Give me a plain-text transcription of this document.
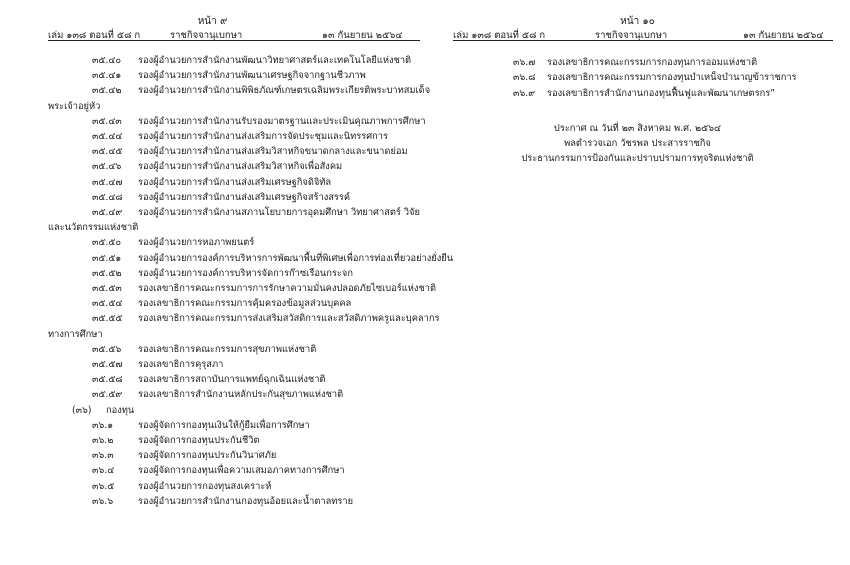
หน้า ๙
เล่ม ๑๓๘ ตอนที่ ๕๘ ก	ราชกิจจานุเบกษา	๑๓ กันยายน ๒๕๖๔
๓๕.๔๐ รองผู้อำนวยการสำนักงานพัฒนาวิทยาศาสตร์และเทคโนโลยีแห่งชาติ
๓๕.๔๑ รองผู้อำนวยการสำนักงานพัฒนาเศรษฐกิจจากฐานชีวภาพ
๓๕.๔๒ รองผู้อำนวยการสำนักงานพิพิธภัณฑ์เกษตรเฉลิมพระเกียรติพระบาทสมเด็จ
พระเจ้าอยู่หัว
๓๕.๔๓ รองผู้อำนวยการสำนักงานรับรองมาตรฐานและประเมินคุณภาพการศึกษา
๓๕.๔๔ รองผู้อำนวยการสำนักงานส่งเสริมการจัดประชุมและนิทรรศการ
๓๕.๔๕ รองผู้อำนวยการสำนักงานส่งเสริมวิสาหกิจขนาดกลางและขนาดย่อม
๓๕.๔๖ รองผู้อำนวยการสำนักงานส่งเสริมวิสาหกิจเพื่อสังคม
๓๕.๔๗ รองผู้อำนวยการสำนักงานส่งเสริมเศรษฐกิจดิจิทัล
๓๕.๔๘ รองผู้อำนวยการสำนักงานส่งเสริมเศรษฐกิจสร้างสรรค์
๓๕.๔๙ รองผู้อำนวยการสำนักงานสภานโยบายการอุดมศึกษา วิทยาศาสตร์ วิจัย
และนวัตกรรมแห่งชาติ
๓๕.๕๐ รองผู้อำนวยการหอภาพยนตร์
๓๕.๕๑ รองผู้อำนวยการองค์การบริหารการพัฒนาพื้นที่พิเศษเพื่อการท่องเที่ยวอย่างยั่งยืน
๓๕.๕๒ รองผู้อำนวยการองค์การบริหารจัดการก๊าซเรือนกระจก
๓๕.๕๓ รองเลขาธิการคณะกรรมการการรักษาความมั่นคงปลอดภัยไซเบอร์แห่งชาติ
๓๕.๕๔ รองเลขาธิการคณะกรรมการคุ้มครองข้อมูลส่วนบุคคล
๓๕.๕๕ รองเลขาธิการคณะกรรมการส่งเสริมสวัสดิการและสวัสดิภาพครูและบุคลากร
ทางการศึกษา
๓๕.๕๖ รองเลขาธิการคณะกรรมการสุขภาพแห่งชาติ
๓๕.๕๗ รองเลขาธิการคุรุสภา
๓๕.๕๘ รองเลขาธิการสถาบันการแพทย์ฉุกเฉินแห่งชาติ
๓๕.๕๙ รองเลขาธิการสำนักงานหลักประกันสุขภาพแห่งชาติ
(๓๖) กองทุน
๓๖.๑	รองผู้จัดการกองทุนเงินให้กู้ยืมเพื่อการศึกษา
๓๖.๒	รองผู้จัดการกองทุนประกันชีวิต
๓๖.๓	รองผู้จัดการกองทุนประกันวินาศภัย
๓๖.๔	รองผู้จัดการกองทุนเพื่อความเสมอภาคทางการศึกษา
๓๖.๕	รองผู้อำนวยการกองทุนสงเคราะห์
๓๖.๖	รองผู้อำนวยการสำนักงานกองทุนอ้อยและน้ำตาลทราย
หน้า ๑๐
เล่ม ๑๓๘ ตอนที่ ๕๘ ก	ราชกิจจานุเบกษา	๑๓ กันยายน ๒๕๖๔
๓๖.๗ รองเลขาธิการคณะกรรมการกองทุนการออมแห่งชาติ
๓๖.๘ รองเลขาธิการคณะกรรมการกองทุนบำเหน็จบำนาญข้าราชการ
๓๖.๙ รองเลขาธิการสำนักงานกองทุนฟื้นฟูและพัฒนาเกษตรกร”
ประกาศ ณ วันที่ ๒๓ สิงหาคม พ.ศ. ๒๕๖๔
พลตำรวจเอก วัชรพล ประสารราชกิจ
ประธานกรรมการป้องกันและปราบปรามการทุจริตแห่งชาติ
